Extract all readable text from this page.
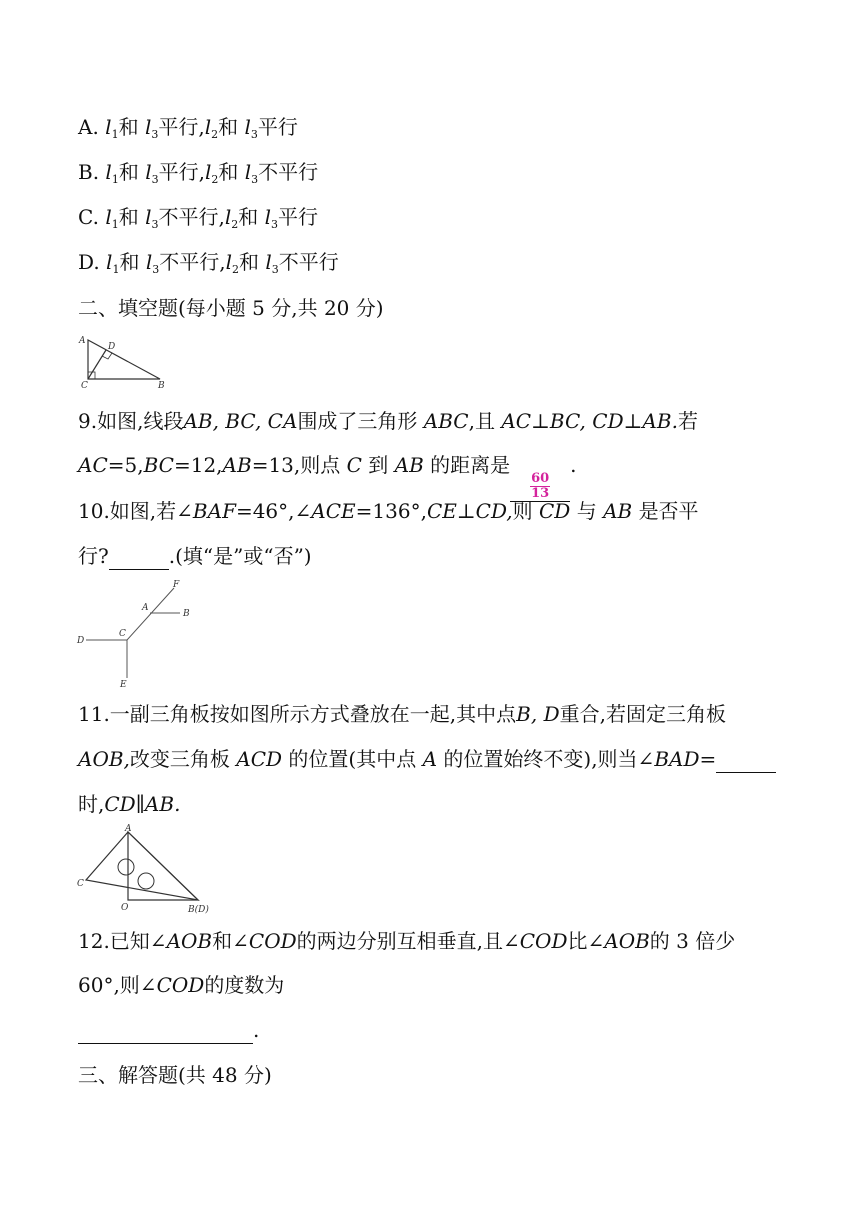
A. $l_1$和 $l_3$平行$,l_2$和 $l_3$平行
B. $l_1$和 $l_3$平行$,l_2$和 $l_3$不平行
C. $l_1$和 $l_3$不平行$,l_2$和 $l_3$平行
D. $l_1$和 $l_3$不平行$,l_2$和 $l_3$不平行
二、填空题(每小题 5 分,共 20 分)
A
D
C	B
9.如图,线段AB, BC, CA围成了三角形 ABC,且 AC⊥BC, CD⊥AB.若
AC=5,BC=12,AB=13,则点 C 到 AB 的距离是
$\frac{60}{13}$
.
10.如图,若∠BAF=46°,∠ACE=136°,CE⊥CD,则 CD 与 AB 是否平
行?	.(填“是”或“否”)
F
A
B
D
C
E
11.一副三角板按如图所示方式叠放在一起,其中点B, D重合,若固定三角板
AOB,改变三角板 ACD 的位置(其中点 A 的位置始终不变),则当∠BAD=
时,CD∥AB.
A
C
O	B(D)
12.已知∠AOB和∠COD的两边分别互相垂直,且∠COD比∠AOB的 3 倍少
60°,则∠COD的度数为
.
三、解答题(共 48 分)
